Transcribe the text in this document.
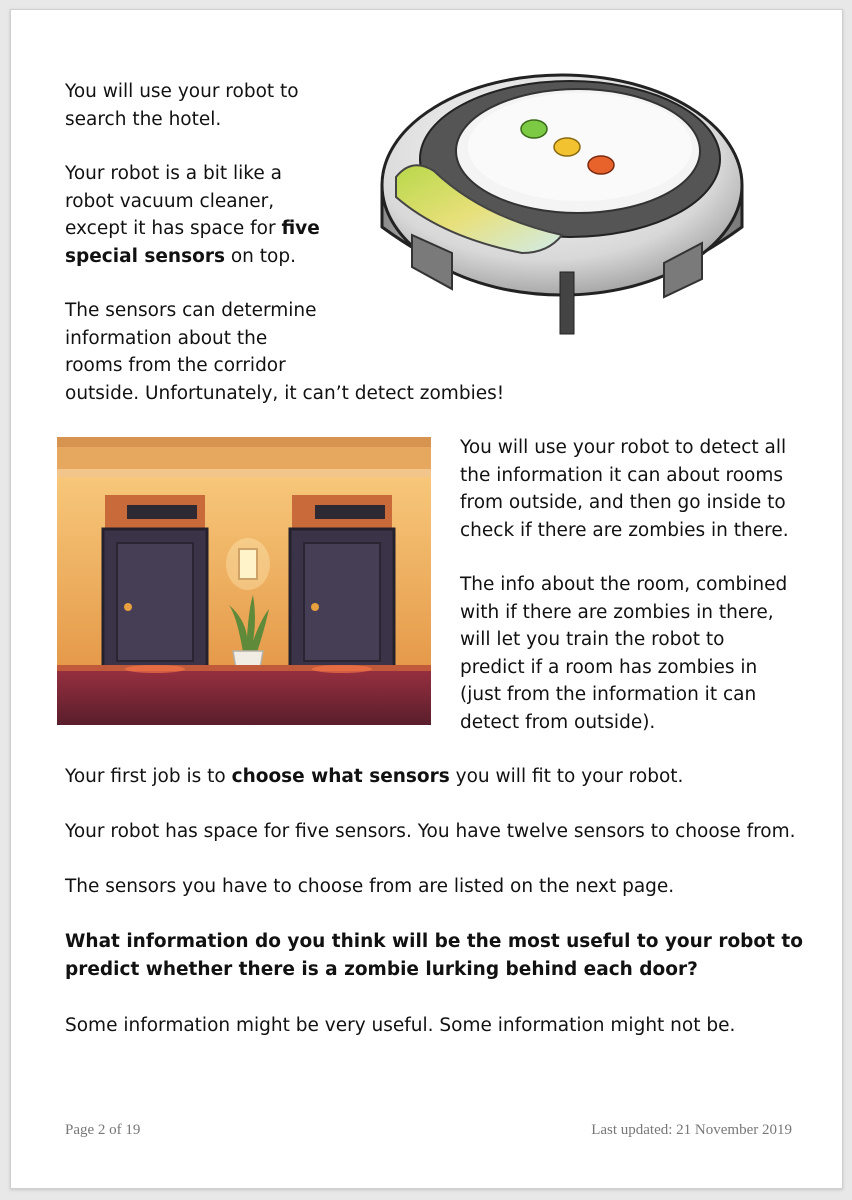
You will use your robot to
search the hotel.

Your robot is a bit like a
robot vacuum cleaner,
except it has space for five
special sensors on top.

The sensors can determine
information about the
rooms from the corridor
outside. Unfortunately, it can’t detect zombies!

You will use your robot to detect all
the information it can about rooms
from outside, and then go inside to
check if there are zombies in there.

The info about the room, combined
with if there are zombies in there,
will let you train the robot to
predict if a room has zombies in
(just from the information it can
detect from outside).

Your first job is to choose what sensors you will fit to your robot.

Your robot has space for five sensors. You have twelve sensors to choose from.

The sensors you have to choose from are listed on the next page.

What information do you think will be the most useful to your robot to
predict whether there is a zombie lurking behind each door?

Some information might be very useful. Some information might not be.

Page 2 of 19	Last updated: 21 November 2019
